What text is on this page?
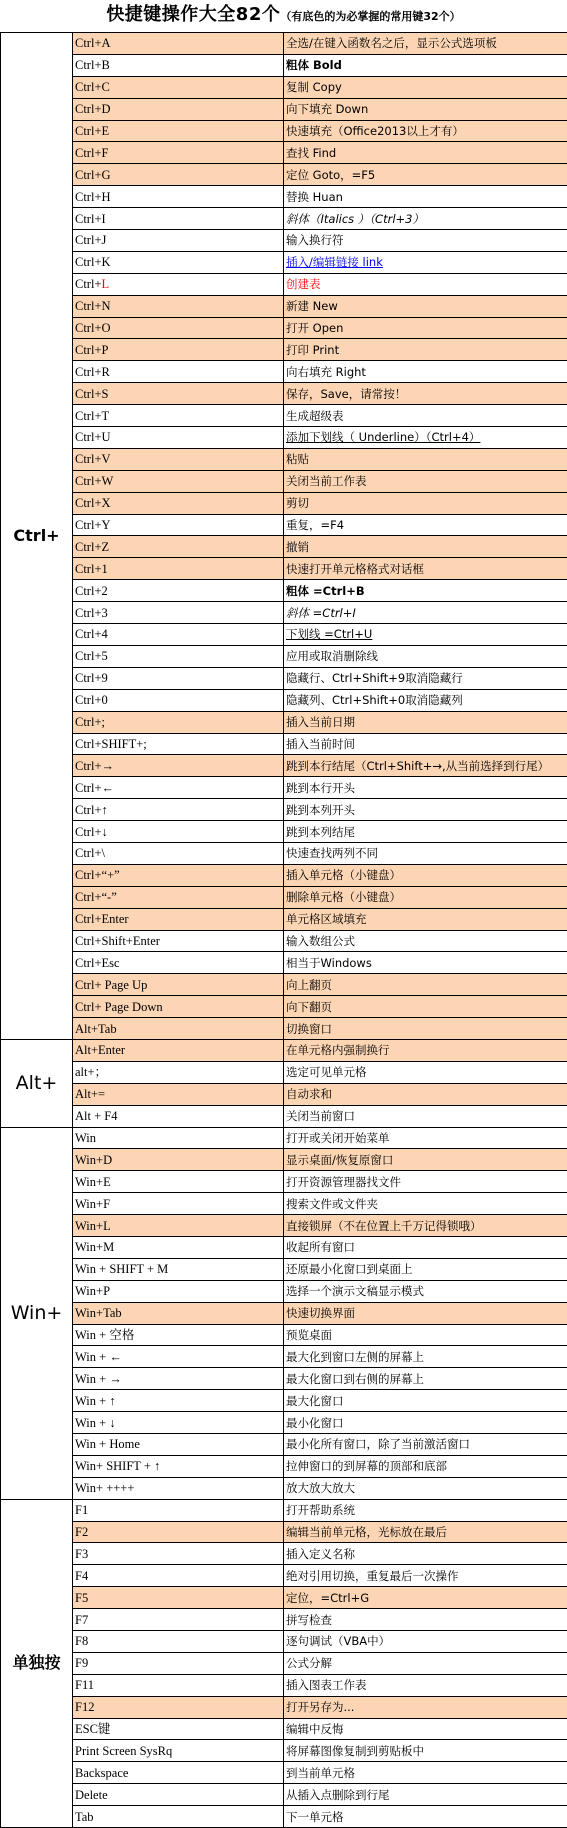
快捷键操作大全82个（有底色的为必掌握的常用键32个）
Ctrl+	Ctrl+A	全选/在键入函数名之后，显示公式选项板
	Ctrl+B	粗体 Bold
	Ctrl+C	复制 Copy
	Ctrl+D	向下填充 Down
	Ctrl+E	快速填充（Office2013以上才有）
	Ctrl+F	查找 Find
	Ctrl+G	定位 Goto，=F5
	Ctrl+H	替换 Huan
	Ctrl+I	斜体（Italics ）（Ctrl+3）
	Ctrl+J	输入换行符
	Ctrl+K	插入/编辑链接 link
	Ctrl+L	创建表
	Ctrl+N	新建 New
	Ctrl+O	打开 Open
	Ctrl+P	打印 Print
	Ctrl+R	向右填充 Right
	Ctrl+S	保存，Save，请常按！
	Ctrl+T	生成超级表
	Ctrl+U	添加下划线（ Underline）（Ctrl+4）
	Ctrl+V	粘贴
	Ctrl+W	关闭当前工作表
	Ctrl+X	剪切
	Ctrl+Y	重复，=F4
	Ctrl+Z	撤销
	Ctrl+1	快速打开单元格格式对话框
	Ctrl+2	粗体 =Ctrl+B
	Ctrl+3	斜体 =Ctrl+I
	Ctrl+4	下划线 =Ctrl+U
	Ctrl+5	应用或取消删除线
	Ctrl+9	隐藏行、Ctrl+Shift+9取消隐藏行
	Ctrl+0	隐藏列、Ctrl+Shift+0取消隐藏列
	Ctrl+;	插入当前日期
	Ctrl+SHIFT+;	插入当前时间
	Ctrl+→	跳到本行结尾（Ctrl+Shift+→,从当前选择到行尾）
	Ctrl+←	跳到本行开头
	Ctrl+↑	跳到本列开头
	Ctrl+↓	跳到本列结尾
	Ctrl+\	快速查找两列不同
	Ctrl+“+”	插入单元格（小键盘）
	Ctrl+“-”	删除单元格（小键盘）
	Ctrl+Enter	单元格区域填充
	Ctrl+Shift+Enter	输入数组公式
	Ctrl+Esc	相当于Windows
	Ctrl+ Page Up	向上翻页
	Ctrl+ Page Down	向下翻页
	Alt+Tab	切换窗口
Alt+	Alt+Enter	在单元格内强制换行
	alt+；	选定可见单元格
	Alt+=	自动求和
	Alt + F4	关闭当前窗口
Win+	Win	打开或关闭开始菜单
	Win+D	显示桌面/恢复原窗口
	Win+E	打开资源管理器找文件
	Win+F	搜索文件或文件夹
	Win+L	直接锁屏（不在位置上千万记得锁哦）
	Win+M	收起所有窗口
	Win + SHIFT + M	还原最小化窗口到桌面上
	Win+P	选择一个演示文稿显示模式
	Win+Tab	快速切换界面
	Win + 空格	预览桌面
	Win + ←	最大化到窗口左侧的屏幕上
	Win + →	最大化窗口到右侧的屏幕上
	Win + ↑	最大化窗口
	Win + ↓	最小化窗口
	Win + Home	最小化所有窗口，除了当前激活窗口
	Win+ SHIFT + ↑	拉伸窗口的到屏幕的顶部和底部
	Win+ ++++	放大放大放大
单独按	F1	打开帮助系统
	F2	编辑当前单元格，光标放在最后
	F3	插入定义名称
	F4	绝对引用切换，重复最后一次操作
	F5	定位，=Ctrl+G
	F7	拼写检查
	F8	逐句调试（VBA中）
	F9	公式分解
	F11	插入图表工作表
	F12	打开另存为...
	ESC键	编辑中反悔
	Print Screen SysRq	将屏幕图像复制到剪贴板中
	Backspace	到当前单元格
	Delete	从插入点删除到行尾
	Tab	下一单元格
